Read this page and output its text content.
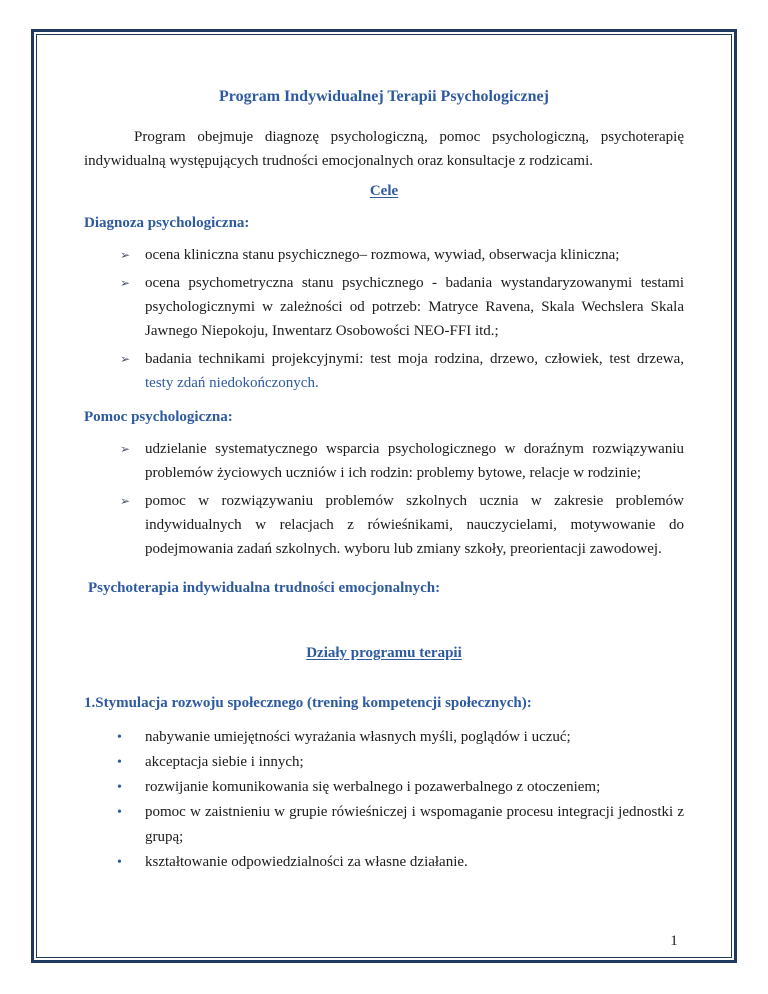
Program Indywidualnej Terapii Psychologicznej

Program obejmuje diagnozę psychologiczną, pomoc psychologiczną, psychoterapię indywidualną występujących trudności emocjonalnych oraz konsultacje z rodzicami.

Cele
Diagnoza psychologiczna:
➢ ocena kliniczna stanu psychicznego– rozmowa, wywiad, obserwacja kliniczna;
➢ ocena psychometryczna stanu psychicznego - badania wystandaryzowanymi testami psychologicznymi w zależności od potrzeb: Matryce Ravena, Skala Wechslera Skala Jawnego Niepokoju, Inwentarz Osobowości NEO-FFI itd.;
➢ badania technikami projekcyjnymi: test moja rodzina, drzewo, człowiek, test drzewa, testy zdań niedokończonych.
Pomoc psychologiczna:
➢ udzielanie systematycznego wsparcia psychologicznego w doraźnym rozwiązywaniu problemów życiowych uczniów i ich rodzin: problemy bytowe, relacje w rodzinie;
➢ pomoc w rozwiązywaniu problemów szkolnych ucznia w zakresie problemów indywidualnych w relacjach z rówieśnikami, nauczycielami, motywowanie do podejmowania zadań szkolnych. wyboru lub zmiany szkoły, preorientacji zawodowej.
Psychoterapia indywidualna trudności emocjonalnych:
Działy programu terapii
1.Stymulacja rozwoju społecznego (trening kompetencji społecznych):
• nabywanie umiejętności wyrażania własnych myśli, poglądów i uczuć;
• akceptacja siebie i innych;
• rozwijanie komunikowania się werbalnego i pozawerbalnego z otoczeniem;
• pomoc w zaistnieniu w grupie rówieśniczej i wspomaganie procesu integracji jednostki z grupą;
• kształtowanie odpowiedzialności za własne działanie.
1
